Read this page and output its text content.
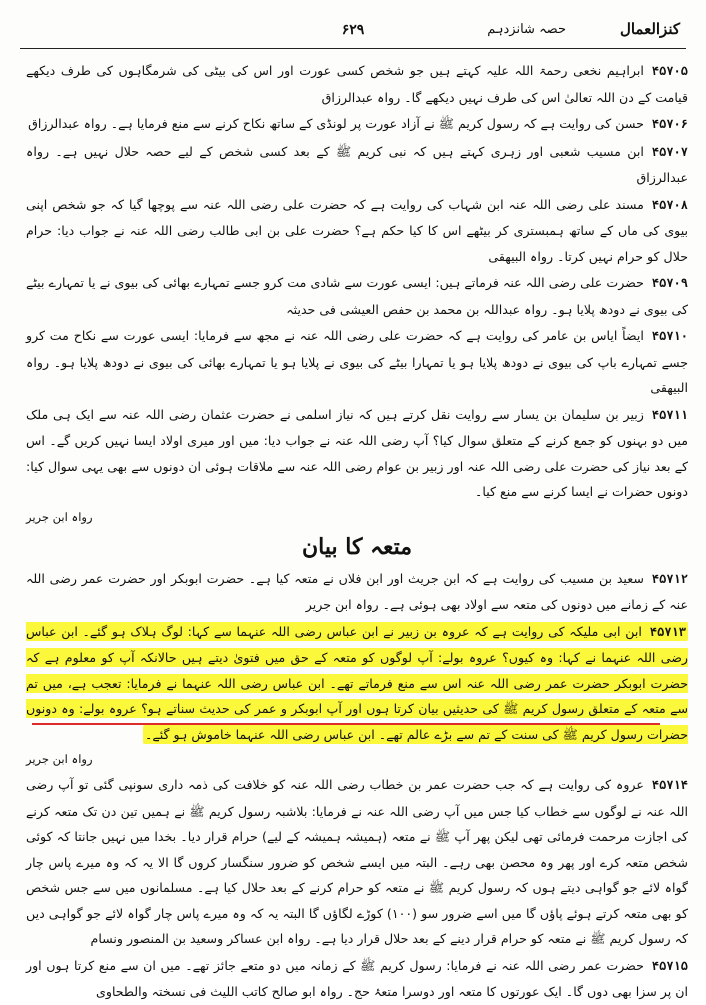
کنزالعمال
حصہ شانزدہم
۶۲۹

۴۵۷۰۵ابراہیم نخعی رحمۃ اللہ علیہ کہتے ہیں جو شخص کسی عورت اور اس کی بیٹی کی شرمگاہوں کی طرف دیکھے قیامت کے دن اللہ تعالیٰ اس کی طرف نہیں دیکھے گا۔ رواہ عبدالرزاق

۴۵۷۰۶حسن کی روایت ہے کہ رسول کریم ﷺ نے آزاد عورت پر لونڈی کے ساتھ نکاح کرنے سے منع فرمایا ہے۔ رواہ عبدالرزاق

۴۵۷۰۷ابن مسیب شعبی اور زہری کہتے ہیں کہ نبی کریم ﷺ کے بعد کسی شخص کے لیے حصہ حلال نہیں ہے۔ رواہ عبدالرزاق

۴۵۷۰۸مسند علی رضی اللہ عنہ ابن شہاب کی روایت ہے کہ حضرت علی رضی اللہ عنہ سے پوچھا گیا کہ جو شخص اپنی بیوی کی ماں کے ساتھ ہمبستری کر بیٹھے اس کا کیا حکم ہے؟ حضرت علی بن ابی طالب رضی اللہ عنہ نے جواب دیا: حرام حلال کو حرام نہیں کرتا۔ رواہ البیھقی

۴۵۷۰۹حضرت علی رضی اللہ عنہ فرماتے ہیں: ایسی عورت سے شادی مت کرو جسے تمہارے بھائی کی بیوی نے یا تمہارے بیٹے کی بیوی نے دودھ پلایا ہو۔ رواہ عبداللہ بن محمد بن حفص العیشی فی حدیثہ

۴۵۷۱۰ایضاً ایاس بن عامر کی روایت ہے کہ حضرت علی رضی اللہ عنہ نے مجھ سے فرمایا: ایسی عورت سے نکاح مت کرو جسے تمہارے باپ کی بیوی نے دودھ پلایا ہو یا تمہارا بیٹے کی بیوی نے پلایا ہو یا تمہارے بھائی کی بیوی نے دودھ پلایا ہو۔ رواہ البیھقی

۴۵۷۱۱زبیر بن سلیمان بن یسار سے روایت نقل کرتے ہیں کہ نیاز اسلمی نے حضرت عثمان رضی اللہ عنہ سے ایک ہی ملک میں دو بہنوں کو جمع کرنے کے متعلق سوال کیا؟ آپ رضی اللہ عنہ نے جواب دیا: میں اور میری اولاد ایسا نہیں کریں گے۔ اس کے بعد نیاز کی حضرت علی رضی اللہ عنہ اور زبیر بن عوام رضی اللہ عنہ سے ملاقات ہوئی ان دونوں سے بھی یہی سوال کیا: دونوں حضرات نے ایسا کرنے سے منع کیا۔

رواہ ابن جریر
متعہ کا بیان

۴۵۷۱۲سعید بن مسیب کی روایت ہے کہ ابن جریث اور ابن فلاں نے متعہ کیا ہے۔ حضرت ابوبکر اور حضرت عمر رضی اللہ عنہ کے زمانے میں دونوں کی متعہ سے اولاد بھی ہوئی ہے۔ رواہ ابن جریر

۴۵۷۱۳ابن ابی ملیکہ کی روایت ہے کہ عروہ بن زبیر نے ابن عباس رضی اللہ عنہما سے کہا: لوگ ہلاک ہو گئے۔ ابن عباس رضی اللہ عنہما نے کہا: وہ کیوں؟ عروہ بولے: آپ لوگوں کو متعہ کے حق میں فتویٰ دیتے ہیں حالانکہ آپ کو معلوم ہے کہ حضرت ابوبکر حضرت عمر رضی اللہ عنہ اس سے منع فرماتے تھے۔ ابن عباس رضی اللہ عنہما نے فرمایا: تعجب ہے، میں تم سے متعہ کے متعلق رسول کریم ﷺ کی حدیثیں بیان کرتا ہوں اور آپ ابوبکر و عمر کی حدیث سناتے ہو؟ عروہ بولے: وہ دونوں حضرات رسول کریم ﷺ کی سنت کے تم سے بڑے عالم تھے۔ ابن عباس رضی اللہ عنہما خاموش ہو گئے۔

رواہ ابن جریر

۴۵۷۱۴عروہ کی روایت ہے کہ جب حضرت عمر بن خطاب رضی اللہ عنہ کو خلافت کی ذمہ داری سونپی گئی تو آپ رضی اللہ عنہ نے لوگوں سے خطاب کیا جس میں آپ رضی اللہ عنہ نے فرمایا: بلاشبہ رسول کریم ﷺ نے ہمیں تین دن تک متعہ کرنے کی اجازت مرحمت فرمائی تھی لیکن پھر آپ ﷺ نے متعہ (ہمیشہ ہمیشہ کے لیے) حرام قرار دیا۔ بخدا میں نہیں جانتا کہ کوئی شخص متعہ کرے اور پھر وہ محصن بھی رہے۔ البتہ میں ایسے شخص کو ضرور سنگسار کروں گا الا یہ کہ وہ میرے پاس چار گواہ لائے جو گواہی دیتے ہوں کہ رسول کریم ﷺ نے متعہ کو حرام کرنے کے بعد حلال کیا ہے۔ مسلمانوں میں سے جس شخص کو بھی متعہ کرتے ہوئے پاؤں گا میں اسے ضرور سو (۱۰۰) کوڑے لگاؤں گا البتہ یہ کہ وہ میرے پاس چار گواہ لائے جو گواہی دیں کہ رسول کریم ﷺ نے متعہ کو حرام قرار دینے کے بعد حلال قرار دیا ہے۔ رواہ ابن عساکر وسعید بن المنصور ونسام

۴۵۷۱۵حضرت عمر رضی اللہ عنہ نے فرمایا: رسول کریم ﷺ کے زمانہ میں دو متعے جائز تھے۔ میں ان سے منع کرتا ہوں اور ان پر سزا بھی دوں گا۔ ایک عورتوں کا متعہ اور دوسرا متعۂ حج۔ رواہ ابو صالح کاتب اللیث فی نسختہ والطحاوی
